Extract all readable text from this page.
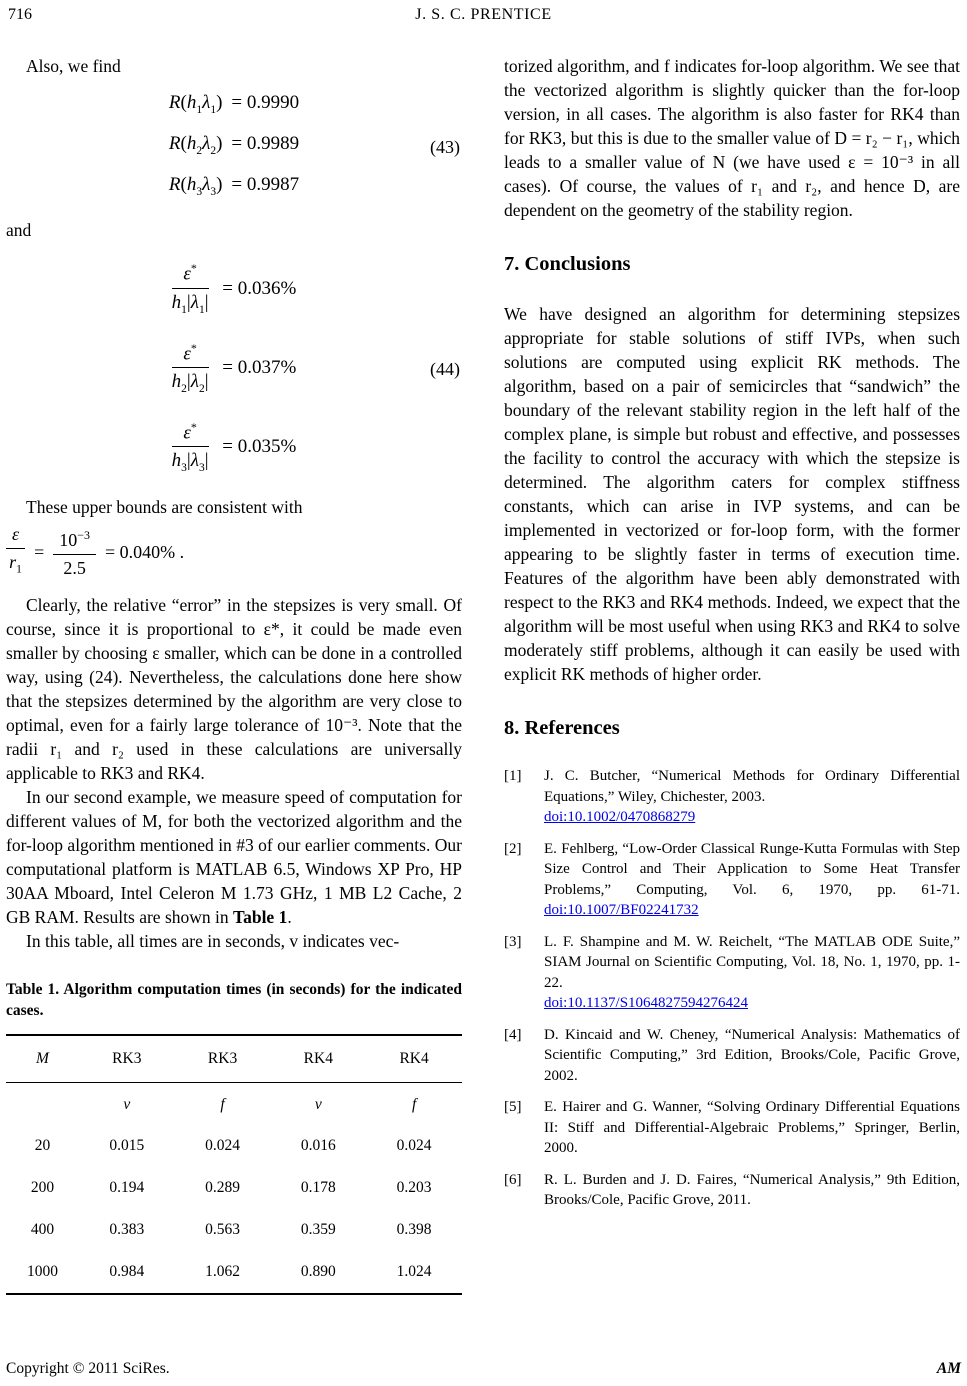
716	J. S. C. PRENTICE

Also, we find

$R(h_1\lambda_1) = 0.9990$
$R(h_2\lambda_2) = 0.9989$
$R(h_3\lambda_3) = 0.9987$
(43)

and

$\frac{\varepsilon^*}{h_1|\lambda_1|} = 0.036\%$
$\frac{\varepsilon^*}{h_2|\lambda_2|} = 0.037\%$
$\frac{\varepsilon^*}{h_3|\lambda_3|} = 0.035\%$
(44)

These upper bounds are consistent with

$\frac{\varepsilon}{r_1} = \frac{10^{-3}}{2.5} = 0.040\%$ .

Clearly, the relative “error” in the stepsizes is very small. Of course, since it is proportional to ε*, it could be made even smaller by choosing ε smaller, which can be done in a controlled way, using (24). Nevertheless, the calculations done here show that the stepsizes determined by the algorithm are very close to optimal, even for a fairly large tolerance of 10⁻³. Note that the radii r₁ and r₂ used in these calculations are universally applicable to RK3 and RK4.

In our second example, we measure speed of computation for different values of M, for both the vectorized algorithm and the for-loop algorithm mentioned in #3 of our earlier comments. Our computational platform is MATLAB 6.5, Windows XP Pro, HP 30AA Mboard, Intel Celeron M 1.73 GHz, 1 MB L2 Cache, 2 GB RAM. Results are shown in Table 1.

In this table, all times are in seconds, v indicates vec-

Table 1. Algorithm computation times (in seconds) for the indicated cases.
M	RK3	RK3	RK4	RK4
	v	f	v	f
20	0.015	0.024	0.016	0.024
200	0.194	0.289	0.178	0.203
400	0.383	0.563	0.359	0.398
1000	0.984	1.062	0.890	1.024

torized algorithm, and f indicates for-loop algorithm. We see that the vectorized algorithm is slightly quicker than the for-loop version, in all cases. The algorithm is also faster for RK4 than for RK3, but this is due to the smaller value of D = r₂ − r₁, which leads to a smaller value of N (we have used ε = 10⁻³ in all cases). Of course, the values of r₁ and r₂, and hence D, are dependent on the geometry of the stability region.

7. Conclusions

We have designed an algorithm for determining stepsizes appropriate for stable solutions of stiff IVPs, when such solutions are computed using explicit RK methods. The algorithm, based on a pair of semicircles that “sandwich” the boundary of the relevant stability region in the left half of the complex plane, is simple but robust and effective, and possesses the facility to control the accuracy with which the stepsize is determined. The algorithm caters for complex stiffness constants, which can arise in IVP systems, and can be implemented in vectorized or for-loop form, with the former appearing to be slightly faster in terms of execution time. Features of the algorithm have been ably demonstrated with respect to the RK3 and RK4 methods. Indeed, we expect that the algorithm will be most useful when using RK3 and RK4 to solve moderately stiff problems, although it can easily be used with explicit RK methods of higher order.

8. References
[1]	J. C. Butcher, “Numerical Methods for Ordinary Differential Equations,” Wiley, Chichester, 2003.
doi:10.1002/0470868279
[2]	E. Fehlberg, “Low-Order Classical Runge-Kutta Formulas with Step Size Control and Their Application to Some Heat Transfer Problems,” Computing, Vol. 6, 1970, pp. 61-71. doi:10.1007/BF02241732
[3]	L. F. Shampine and M. W. Reichelt, “The MATLAB ODE Suite,” SIAM Journal on Scientific Computing, Vol. 18, No. 1, 1970, pp. 1-22.
doi:10.1137/S1064827594276424
[4]	D. Kincaid and W. Cheney, “Numerical Analysis: Mathematics of Scientific Computing,” 3rd Edition, Brooks/Cole, Pacific Grove, 2002.
[5]	E. Hairer and G. Wanner, “Solving Ordinary Differential Equations II: Stiff and Differential-Algebraic Problems,” Springer, Berlin, 2000.
[6]	R. L. Burden and J. D. Faires, “Numerical Analysis,” 9th Edition, Brooks/Cole, Pacific Grove, 2011.
Copyright © 2011 SciRes.	AM
